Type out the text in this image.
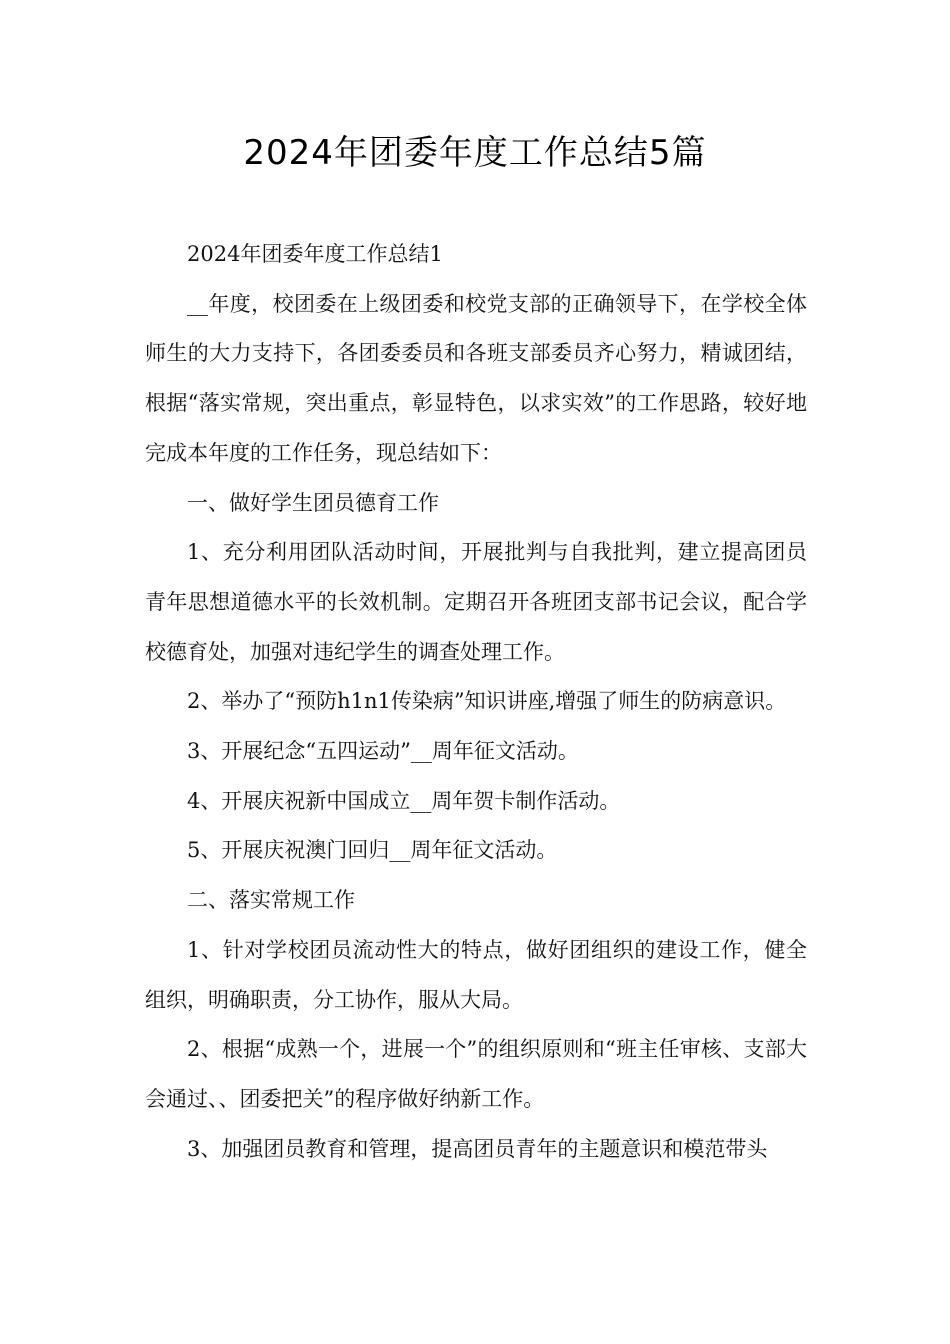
2024年团委年度工作总结5篇

2024年团委年度工作总结1

__年度，校团委在上级团委和校党支部的正确领导下，在学校全体师生的大力支持下，各团委委员和各班支部委员齐心努力，精诚团结，根据“落实常规，突出重点，彰显特色，以求实效”的工作思路，较好地完成本年度的工作任务，现总结如下：

一、做好学生团员德育工作

1、充分利用团队活动时间，开展批判与自我批判，建立提高团员青年思想道德水平的长效机制。定期召开各班团支部书记会议，配合学校德育处，加强对违纪学生的调查处理工作。

2、举办了“预防h1n1传染病”知识讲座,增强了师生的防病意识。

3、开展纪念“五四运动”__周年征文活动。

4、开展庆祝新中国成立__周年贺卡制作活动。

5、开展庆祝澳门回归__周年征文活动。

二、落实常规工作

1、针对学校团员流动性大的特点，做好团组织的建设工作，健全组织，明确职责，分工协作，服从大局。

2、根据“成熟一个，进展一个”的组织原则和“班主任审核、支部大会通过、、团委把关”的程序做好纳新工作。

3、加强团员教育和管理，提高团员青年的主题意识和模范带头
